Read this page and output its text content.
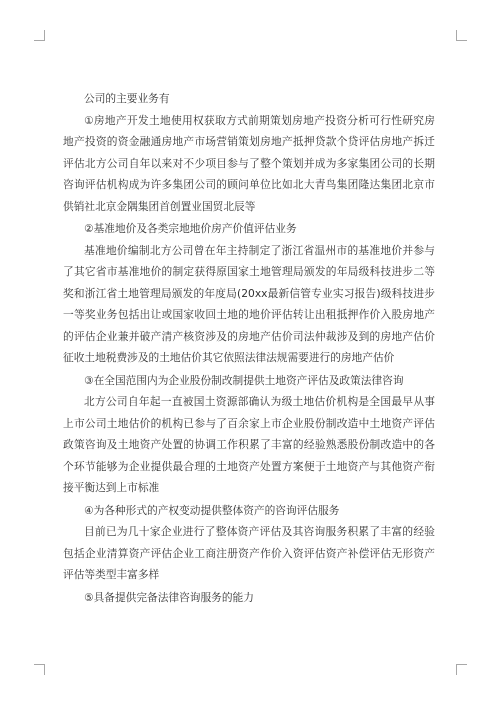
公司的主要业务有

①房地产开发土地使用权获取方式前期策划房地产投资分析可行性研究房地产投资的资金融通房地产市场营销策划房地产抵押贷款个贷评估房地产拆迁评估北方公司自年以来对不少项目参与了整个策划并成为多家集团公司的长期咨询评估机构成为许多集团公司的顾问单位比如北大青鸟集团隆达集团北京市供销社北京金隅集团首创置业国贸北辰等

②基准地价及各类宗地地价房产价值评估业务

基准地价编制北方公司曾在年主持制定了浙江省温州市的基准地价并参与了其它省市基准地价的制定获得原国家土地管理局颁发的年局级科技进步二等奖和浙江省土地管理局颁发的年度局(20xx最新信管专业实习报告)级科技进步一等奖业务包括出让或国家收回土地的地价评估转让出租抵押作价入股房地产的评估企业兼并破产清产核资涉及的房地产估价司法仲裁涉及到的房地产估价征收土地税费涉及的土地估价其它依照法律法规需要进行的房地产估价

③在全国范围内为企业股份制改制提供土地资产评估及政策法律咨询

北方公司自年起一直被国土资源部确认为级土地估价机构是全国最早从事上市公司土地估价的机构已参与了百余家上市企业股份制改造中土地资产评估政策咨询及土地资产处置的协调工作积累了丰富的经验熟悉股份制改造中的各个环节能够为企业提供最合理的土地资产处置方案便于土地资产与其他资产衔接平衡达到上市标准

④为各种形式的产权变动提供整体资产的咨询评估服务

目前已为几十家企业进行了整体资产评估及其咨询服务积累了丰富的经验包括企业清算资产评估企业工商注册资产作价入资评估资产补偿评估无形资产评估等类型丰富多样

⑤具备提供完备法律咨询服务的能力
